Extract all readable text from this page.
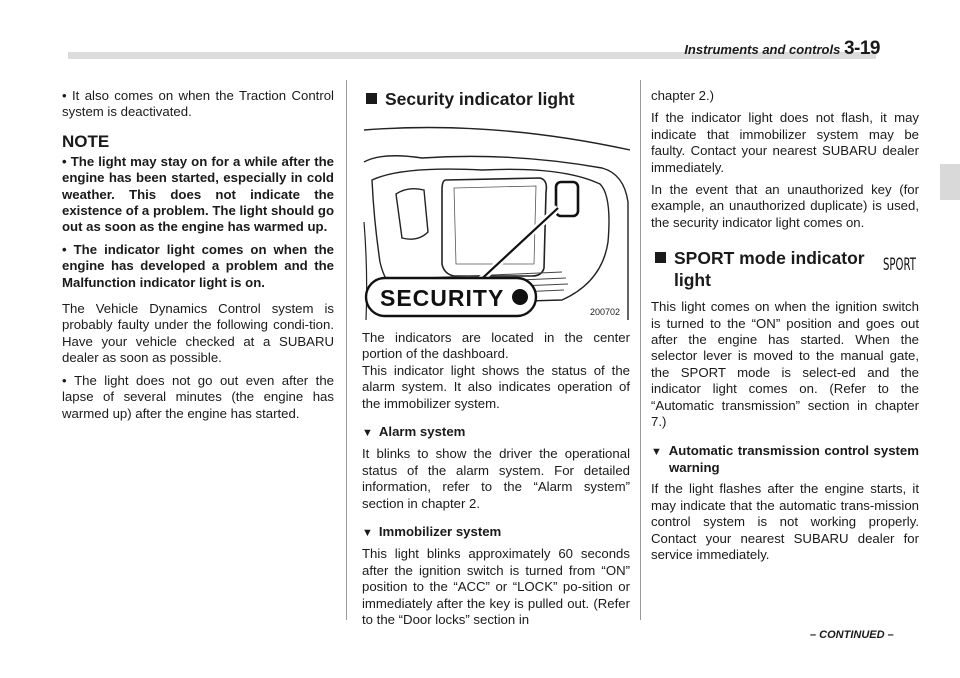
Instruments and controls 3-19

• It also comes on when the Traction Control system is deactivated.

NOTE

• The light may stay on for a while after the engine has been started, especially in cold weather. This does not indicate the existence of a problem. The light should go out as soon as the engine has warmed up.

• The indicator light comes on when the engine has developed a problem and the Malfunction indicator light is on.

The Vehicle Dynamics Control system is probably faulty under the following condi-tion. Have your vehicle checked at a SUBARU dealer as soon as possible.

• The light does not go out even after the lapse of several minutes (the engine has warmed up) after the engine has started.

Security indicator light
SECURITY
200702

The indicators are located in the center portion of the dashboard.

This indicator light shows the status of the alarm system. It also indicates operation of the immobilizer system.

▼ Alarm system

It blinks to show the driver the operational status of the alarm system. For detailed information, refer to the “Alarm system” section in chapter 2.

▼ Immobilizer system

This light blinks approximately 60 seconds after the ignition switch is turned from “ON” position to the “ACC” or “LOCK” po-sition or immediately after the key is pulled out. (Refer to the “Door locks” section in

chapter 2.)

If the indicator light does not flash, it may indicate that immobilizer system may be faulty. Contact your nearest SUBARU dealer immediately.

In the event that an unauthorized key (for example, an unauthorized duplicate) is used, the security indicator light comes on.

SPORT mode indicator
light
SPORT

This light comes on when the ignition switch is turned to the “ON” position and goes out after the engine has started. When the selector lever is moved to the manual gate, the SPORT mode is select-ed and the indicator light comes on. (Refer to the “Automatic transmission” section in chapter 7.)

▼ Automatic transmission control system warning

If the light flashes after the engine starts, it may indicate that the automatic trans-mission control system is not working properly. Contact your nearest SUBARU dealer for service immediately.

– CONTINUED –
